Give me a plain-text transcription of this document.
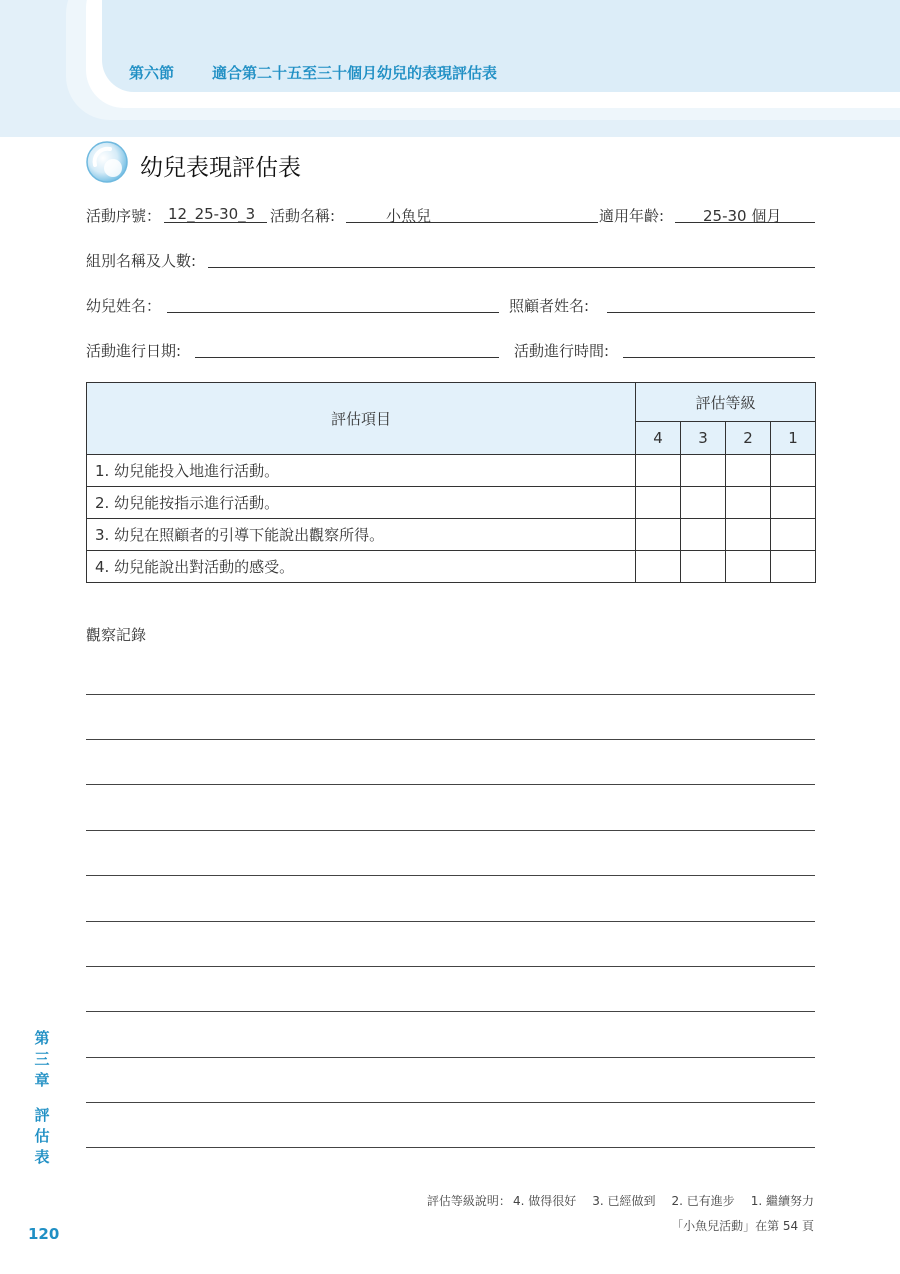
第六節	適合第二十五至三十個月幼兒的表現評估表
幼兒表現評估表
活動序號： 12_25-30_3 活動名稱:	小魚兒	適用年齡:	25-30 個月
組別名稱及人數:
幼兒姓名：	照顧者姓名:
活動進行日期:	活動進行時間:
評估項目	評估等級			
	4	3	2	1
1. 幼兒能投入地進行活動。				
2. 幼兒能按指示進行活動。				
3. 幼兒在照顧者的引導下能說出觀察所得。				
4. 幼兒能說出對活動的感受。				
觀察記錄
第
三
章
評
估
表
評估等級說明： 4. 做得很好 3. 已經做到 2. 已有進步 1. 繼續努力
「小魚兒活動」在第 54 頁
120
